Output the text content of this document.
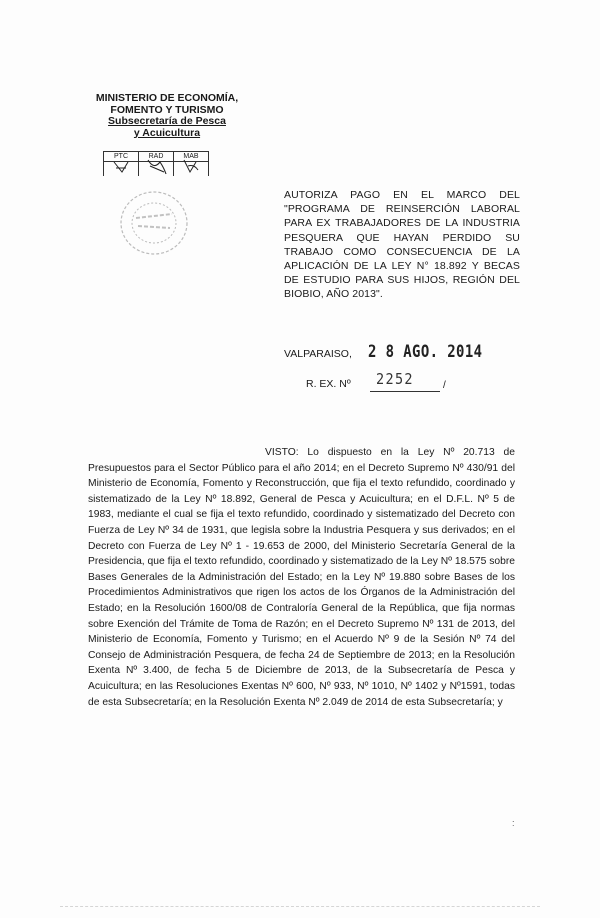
MINISTERIO DE ECONOMÍA,
FOMENTO Y TURISMO
Subsecretaría de Pesca
y Acuicultura
PTC	RAD	MAB

AUTORIZA PAGO EN EL MARCO DEL "PROGRAMA DE REINSERCIÓN LABORAL PARA EX TRABAJADORES DE LA INDUSTRIA PESQUERA QUE HAYAN PERDIDO SU TRABAJO COMO CONSECUENCIA DE LA APLICACIÓN DE LA LEY N° 18.892 Y BECAS DE ESTUDIO PARA SUS HIJOS, REGIÓN DEL BIOBIO, AÑO 2013".
VALPARAISO, 2 8 AGO. 2014
R. EX. Nº 2252	/
VISTO: Lo dispuesto en la Ley Nº 20.713 de Presupuestos para el Sector Público para el año 2014; en el Decreto Supremo Nº 430/91 del Ministerio de Economía, Fomento y Reconstrucción, que fija el texto refundido, coordinado y sistematizado de la Ley Nº 18.892, General de Pesca y Acuicultura; en el D.F.L. Nº 5 de 1983, mediante el cual se fija el texto refundido, coordinado y sistematizado del Decreto con Fuerza de Ley Nº 34 de 1931, que legisla sobre la Industria Pesquera y sus derivados; en el Decreto con Fuerza de Ley Nº 1 - 19.653 de 2000, del Ministerio Secretaría General de la Presidencia, que fija el texto refundido, coordinado y sistematizado de la Ley Nº 18.575 sobre Bases Generales de la Administración del Estado; en la Ley Nº 19.880 sobre Bases de los Procedimientos Administrativos que rigen los actos de los Órganos de la Administración del Estado; en la Resolución 1600/08 de Contraloría General de la República, que fija normas sobre Exención del Trámite de Toma de Razón; en el Decreto Supremo Nº 131 de 2013, del Ministerio de Economía, Fomento y Turismo; en el Acuerdo Nº 9 de la Sesión Nº 74 del Consejo de Administración Pesquera, de fecha 24 de Septiembre de 2013; en la Resolución Exenta Nº 3.400, de fecha 5 de Diciembre de 2013, de la Subsecretaría de Pesca y Acuicultura; en las Resoluciones Exentas Nº 600, Nº 933, Nº 1010, Nº 1402 y Nº1591, todas de esta Subsecretaría; en la Resolución Exenta Nº 2.049 de 2014 de esta Subsecretaría; y
:
